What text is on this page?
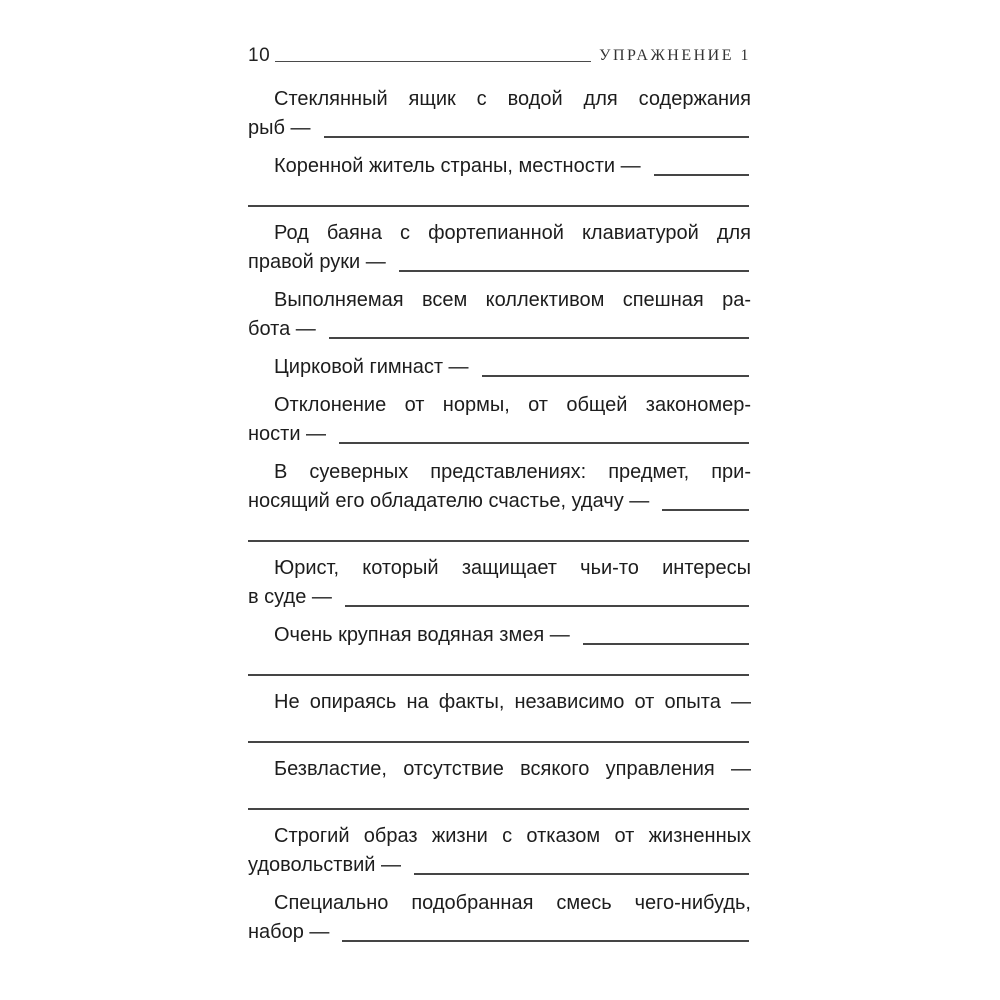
10	УПРАЖНЕНИЕ 1
Стеклянный ящик с водой для содержания
рыб —
Коренной житель страны, местности —
Род баяна с фортепианной клавиатурой для
правой руки —
Выполняемая всем коллективом спешная ра-
бота —
Цирковой гимнаст —
Отклонение от нормы, от общей закономер-
ности —
В суеверных представлениях: предмет, при-
носящий его обладателю счастье, удачу —
Юрист, который защищает чьи-то интересы
в суде —
Очень крупная водяная змея —
Не опираясь на факты, независимо от опыта —
Безвластие, отсутствие всякого управления —
Строгий образ жизни с отказом от жизненных
удовольствий —
Специально подобранная смесь чего-нибудь,
набор —
